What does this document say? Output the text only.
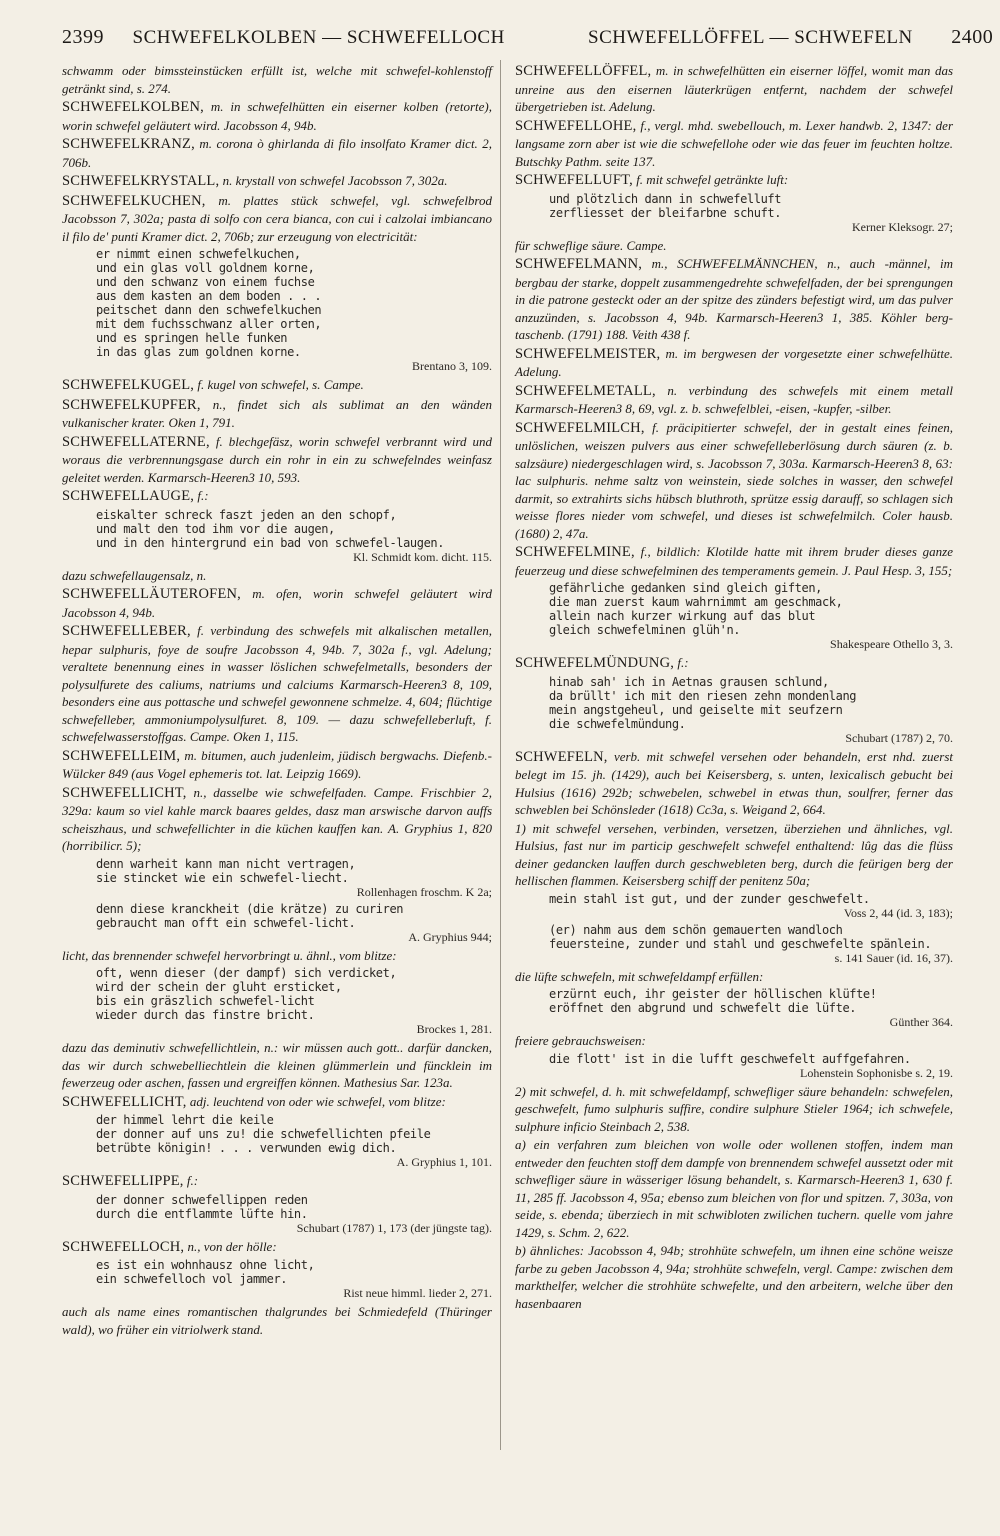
2399 SCHWEFELKOLBEN — SCHWEFELLOCH	SCHWEFELLÖFFEL — SCHWEFELN 2400
schwamm oder bimssteinstücken erfüllt ist, welche mit schwefel-kohlenstoff getränkt sind, s. 274.
SCHWEFELKOLBEN, m. in schwefelhütten ein eiserner kolben (retorte), worin schwefel geläutert wird. Jacobsson 4, 94b.
SCHWEFELKRANZ, m. corona ò ghirlanda di filo insolfato Kramer dict. 2, 706b.
SCHWEFELKRYSTALL, n. krystall von schwefel Jacobsson 7, 302a.
SCHWEFELKUCHEN, m. plattes stück schwefel, vgl. schwefelbrod Jacobsson 7, 302a; pasta di solfo con cera bianca, con cui i calzolai imbiancano il filo de' punti Kramer dict. 2, 706b; zur erzeugung von electricität:
er nimmt einen schwefelkuchen,
und ein glas voll goldnem korne,
und den schwanz von einem fuchse
aus dem kasten an dem boden . . .
peitschet dann den schwefelkuchen
mit dem fuchsschwanz aller orten,
und es springen helle funken
in das glas zum goldnen korne.
Brentano 3, 109.
SCHWEFELKUGEL, f. kugel von schwefel, s. Campe.
SCHWEFELKUPFER, n., findet sich als sublimat an den wänden vulkanischer krater. Oken 1, 791.
SCHWEFELLATERNE, f. blechgefäsz, worin schwefel verbrannt wird und woraus die verbrennungsgase durch ein rohr in ein zu schwefelndes weinfasz geleitet werden. Karmarsch-Heeren3 10, 593.
SCHWEFELLAUGE, f.:
eiskalter schreck faszt jeden an den schopf,
und malt den tod ihm vor die augen,
und in den hintergrund ein bad von schwefel-laugen.
Kl. Schmidt kom. dicht. 115.
dazu schwefellaugensalz, n.
SCHWEFELLÄUTEROFEN, m. ofen, worin schwefel geläutert wird Jacobsson 4, 94b.
SCHWEFELLEBER, f. verbindung des schwefels mit alkalischen metallen, hepar sulphuris, foye de soufre Jacobsson 4, 94b. 7, 302a f., vgl. Adelung; veraltete benennung eines in wasser löslichen schwefelmetalls, besonders der polysulfurete des caliums, natriums und calciums Karmarsch-Heeren3 8, 109, besonders eine aus pottasche und schwefel gewonnene schmelze. 4, 604; flüchtige schwefelleber, ammoniumpolysulfuret. 8, 109. — dazu schwefelleberluft, f. schwefelwasserstoffgas. Campe. Oken 1, 115.
SCHWEFELLEIM, m. bitumen, auch judenleim, jüdisch bergwachs. Diefenb.-Wülcker 849 (aus Vogel ephemeris tot. lat. Leipzig 1669).
SCHWEFELLICHT, n., dasselbe wie schwefelfaden. Campe. Frischbier 2, 329a: kaum so viel kahle marck baares geldes, dasz man arswische darvon auffs scheiszhaus, und schwefellichter in die küchen kauffen kan. A. Gryphius 1, 820 (horribilicr. 5);
denn warheit kann man nicht vertragen,
sie stincket wie ein schwefel-liecht.
Rollenhagen froschm. K 2a;
denn diese kranckheit (die krätze) zu curiren
gebraucht man offt ein schwefel-licht.
A. Gryphius 944;
licht, das brennender schwefel hervorbringt u. ähnl., vom blitze:
oft, wenn dieser (der dampf) sich verdicket,
wird der schein der gluht ersticket,
bis ein gräszlich schwefel-licht
wieder durch das finstre bricht.
Brockes 1, 281.
dazu das deminutiv schwefellichtlein, n.: wir müssen auch gott.. darfür dancken, das wir durch schwebelliechtlein die kleinen glümmerlein und füncklein im fewerzeug oder aschen, fassen und ergreiffen können. Mathesius Sar. 123a.
SCHWEFELLICHT, adj. leuchtend von oder wie schwefel, vom blitze:
der himmel lehrt die keile
der donner auf uns zu! die schwefellichten pfeile
betrübte königin! . . . verwunden ewig dich.
A. Gryphius 1, 101.
SCHWEFELLIPPE, f.:
der donner schwefellippen reden
durch die entflammte lüfte hin.
Schubart (1787) 1, 173 (der jüngste tag).
SCHWEFELLOCH, n., von der hölle:
es ist ein wohnhausz ohne licht,
ein schwefelloch vol jammer.
Rist neue himml. lieder 2, 271.
auch als name eines romantischen thalgrundes bei Schmiedefeld (Thüringer wald), wo früher ein vitriolwerk stand.
SCHWEFELLÖFFEL, m. in schwefelhütten ein eiserner löffel, womit man das unreine aus den eisernen läuterkrügen entfernt, nachdem der schwefel übergetrieben ist. Adelung.
SCHWEFELLOHE, f., vergl. mhd. swebellouch, m. Lexer handwb. 2, 1347: der langsame zorn aber ist wie die schwefellohe oder wie das feuer im feuchten holtze. Butschky Pathm. seite 137.
SCHWEFELLUFT, f. mit schwefel getränkte luft:
und plötzlich dann in schwefelluft
zerfliesset der bleifarbne schuft.
Kerner Kleksogr. 27;
für schweflige säure. Campe.
SCHWEFELMANN, m., SCHWEFELMÄNNCHEN, n., auch -männel, im bergbau der starke, doppelt zusammengedrehte schwefelfaden, der bei sprengungen in die patrone gesteckt oder an der spitze des zünders befestigt wird, um das pulver anzuzünden, s. Jacobsson 4, 94b. Karmarsch-Heeren3 1, 385. Köhler berg-taschenb. (1791) 188. Veith 438 f.
SCHWEFELMEISTER, m. im bergwesen der vorgesetzte einer schwefelhütte. Adelung.
SCHWEFELMETALL, n. verbindung des schwefels mit einem metall Karmarsch-Heeren3 8, 69, vgl. z. b. schwefelblei, -eisen, -kupfer, -silber.
SCHWEFELMILCH, f. präcipitierter schwefel, der in gestalt eines feinen, unlöslichen, weiszen pulvers aus einer schwefelleberlösung durch säuren (z. b. salzsäure) niedergeschlagen wird, s. Jacobsson 7, 303a. Karmarsch-Heeren3 8, 63: lac sulphuris. nehme saltz von weinstein, siede solches in wasser, den schwefel darmit, so extrahirts sichs hübsch bluthroth, sprütze essig darauff, so schlagen sich weisse flores nieder vom schwefel, und dieses ist schwefelmilch. Coler hausb. (1680) 2, 47a.
SCHWEFELMINE, f., bildlich: Klotilde hatte mit ihrem bruder dieses ganze feuerzeug und diese schwefelminen des temperaments gemein. J. Paul Hesp. 3, 155;
gefährliche gedanken sind gleich giften,
die man zuerst kaum wahrnimmt am geschmack,
allein nach kurzer wirkung auf das blut
gleich schwefelminen glüh'n.
Shakespeare Othello 3, 3.
SCHWEFELMÜNDUNG, f.:
hinab sah' ich in Aetnas grausen schlund,
da brüllt' ich mit den riesen zehn mondenlang
mein angstgeheul, und geiselte mit seufzern
die schwefelmündung.
Schubart (1787) 2, 70.
SCHWEFELN, verb. mit schwefel versehen oder behandeln, erst nhd. zuerst belegt im 15. jh. (1429), auch bei Keisersberg, s. unten, lexicalisch gebucht bei Hulsius (1616) 292b; schwebelen, schwebel in etwas thun, soulfrer, ferner das schweblen bei Schönsleder (1618) Cc3a, s. Weigand 2, 664.
1) mit schwefel versehen, verbinden, versetzen, überziehen und ähnliches, vgl. Hulsius, fast nur im particip geschwefelt schwefel enthaltend: lûg das die flüss deiner gedancken lauffen durch geschwebleten berg, durch die feürigen berg der hellischen flammen. Keisersberg schiff der penitenz 50a;
mein stahl ist gut, und der zunder geschwefelt.
Voss 2, 44 (id. 3, 183);
(er) nahm aus dem schön gemauerten wandloch
feuersteine, zunder und stahl und geschwefelte spänlein.
s. 141 Sauer (id. 16, 37).
die lüfte schwefeln, mit schwefeldampf erfüllen:
erzürnt euch, ihr geister der höllischen klüfte!
eröffnet den abgrund und schwefelt die lüfte.
Günther 364.
freiere gebrauchsweisen:
die flott' ist in die lufft geschwefelt auffgefahren.
Lohenstein Sophonisbe s. 2, 19.
2) mit schwefel, d. h. mit schwefeldampf, schwefliger säure behandeln: schwefelen, geschwefelt, fumo sulphuris suffire, condire sulphure Stieler 1964; ich schwefele, sulphure inficio Steinbach 2, 538.
a) ein verfahren zum bleichen von wolle oder wollenen stoffen, indem man entweder den feuchten stoff dem dampfe von brennendem schwefel aussetzt oder mit schwefliger säure in wässeriger lösung behandelt, s. Karmarsch-Heeren3 1, 630 f. 11, 285 ff. Jacobsson 4, 95a; ebenso zum bleichen von flor und spitzen. 7, 303a, von seide, s. ebenda; überziech in mit schwibloten zwilichen tuchern. quelle vom jahre 1429, s. Schm. 2, 622.
b) ähnliches: Jacobsson 4, 94b; strohhüte schwefeln, um ihnen eine schöne weisze farbe zu geben Jacobsson 4, 94a; strohhüte schwefeln, vergl. Campe: zwischen dem markthelfer, welcher die strohhüte schwefelte, und den arbeitern, welche über den hasenbaaren
